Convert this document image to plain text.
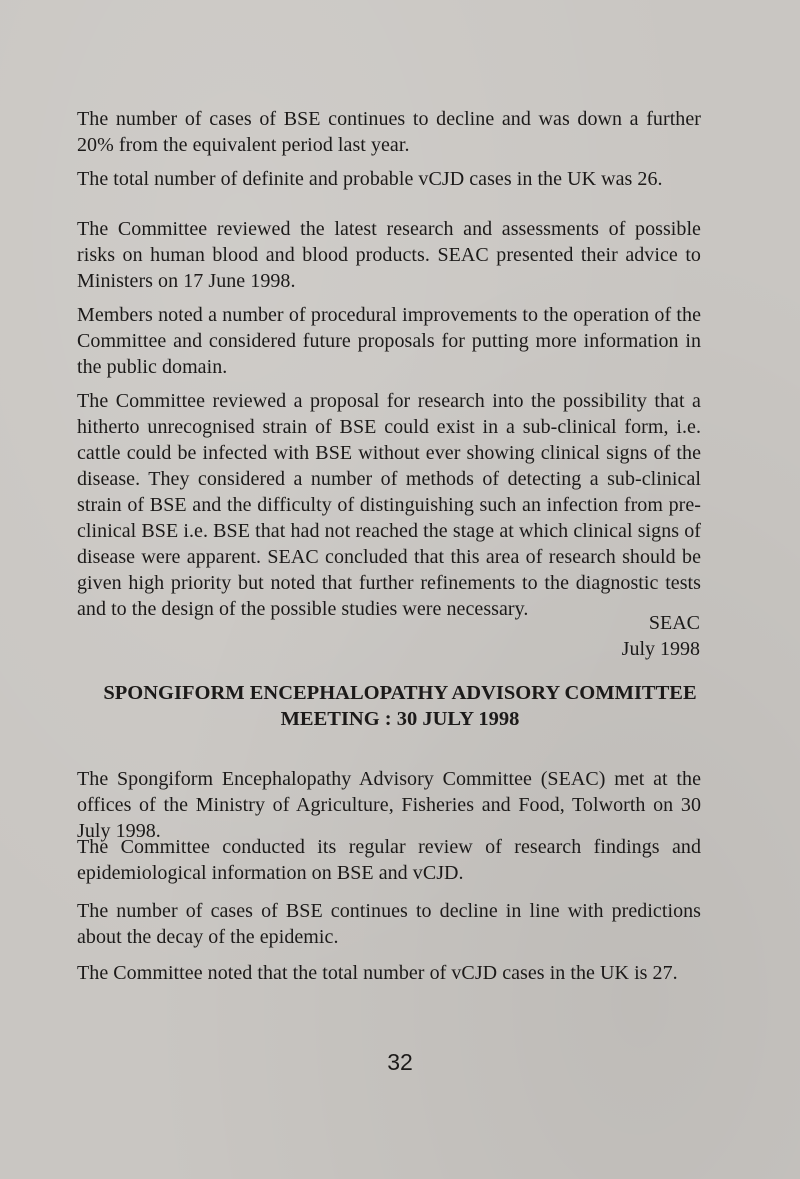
The number of cases of BSE continues to decline and was down a further 20% from the equivalent period last year.

The total number of definite and probable vCJD cases in the UK was 26.

The Committee reviewed the latest research and assessments of possible risks on human blood and blood products. SEAC presented their advice to Ministers on 17 June 1998.

Members noted a number of procedural improvements to the operation of the Committee and considered future proposals for putting more information in the public domain.

The Committee reviewed a proposal for research into the possibility that a hitherto unrecognised strain of BSE could exist in a sub-clinical form, i.e. cattle could be infected with BSE without ever showing clinical signs of the disease. They considered a number of methods of detecting a sub-clinical strain of BSE and the difficulty of distinguishing such an infection from pre-clinical BSE i.e. BSE that had not reached the stage at which clinical signs of disease were apparent. SEAC concluded that this area of research should be given high priority but noted that further refinements to the diagnostic tests and to the design of the possible studies were necessary.

SEAC

July 1998

SPONGIFORM ENCEPHALOPATHY ADVISORY COMMITTEE
MEETING : 30 JULY 1998

The Spongiform Encephalopathy Advisory Committee (SEAC) met at the offices of the Ministry of Agriculture, Fisheries and Food, Tolworth on 30 July 1998.

The Committee conducted its regular review of research findings and epidemiological information on BSE and vCJD.

The number of cases of BSE continues to decline in line with predictions about the decay of the epidemic.

The Committee noted that the total number of vCJD cases in the UK is 27.

32
